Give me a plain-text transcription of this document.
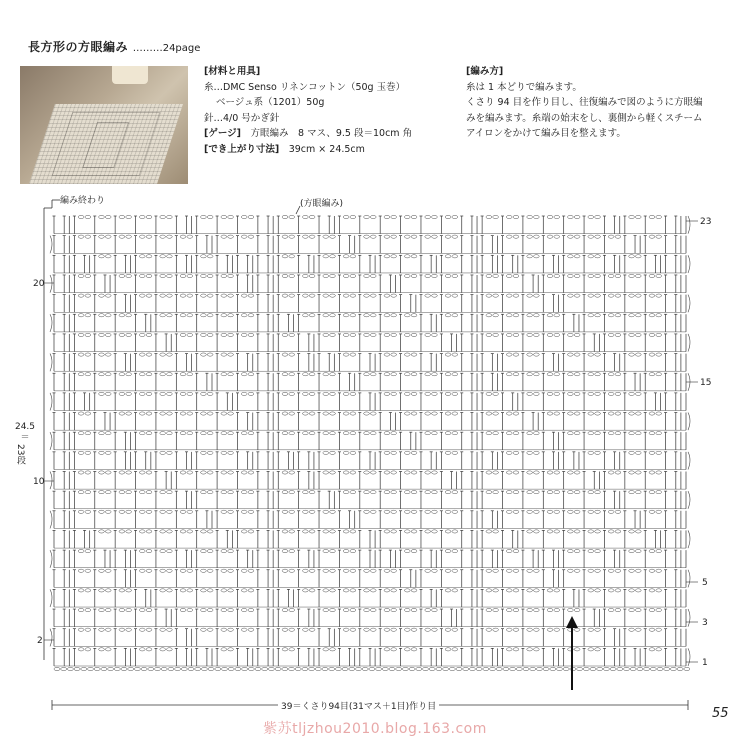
長方形の方眼編み ………24page
[材料と用具]
糸…DMC Senso リネンコットン（50g 玉巻）
ベージュ系（1201）50g
針…4/0 号かぎ針
[ゲージ]　 方眼編み　8 マス、9.5 段＝10cm 角
[でき上がり寸法]　 39cm × 24.5cm
[編み方]
糸は 1 本どりで編みます。
くさり 94 目を作り目し、往復編みで図のように方眼編
みを編みます。糸端の始末をし、裏側から軽くスチーム
アイロンをかけて編み目を整えます。
編み終わり	(方眼編み)
20
10
2
23
15
5
3
1
24.5
＝
23段
39＝くさり94目(31マス＋1目)作り目	55
紫苏tljzhou2010.blog.163.com
